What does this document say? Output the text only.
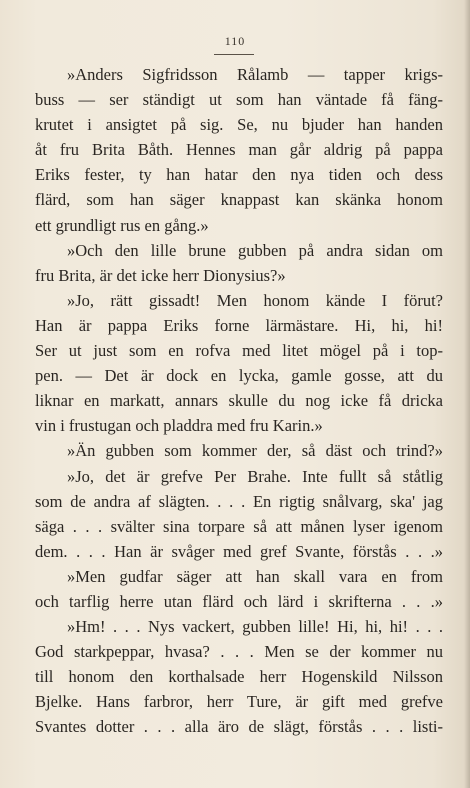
110
»Anders Sigfridsson Rålamb — tapper krigs-
buss — ser ständigt ut som han väntade få fäng-
krutet i ansigtet på sig. Se, nu bjuder han handen
åt fru Brita Båth. Hennes man går aldrig på pappa
Eriks fester, ty han hatar den nya tiden och dess
flärd, som han säger knappast kan skänka honom
ett grundligt rus en gång.»
»Och den lille brune gubben på andra sidan om
fru Brita, är det icke herr Dionysius?»
»Jo, rätt gissadt! Men honom kände I förut?
Han är pappa Eriks forne lärmästare. Hi, hi, hi!
Ser ut just som en rofva med litet mögel på i top-
pen. — Det är dock en lycka, gamle gosse, att du
liknar en markatt, annars skulle du nog icke få dricka
vin i frustugan och pladdra med fru Karin.»
»Än gubben som kommer der, så däst och trind?»
»Jo, det är grefve Per Brahe. Inte fullt så ståtlig
som de andra af slägten. . . . En rigtig snålvarg, ska' jag
säga . . . svälter sina torpare så att månen lyser igenom
dem. . . . Han är svåger med gref Svante, förstås . . .»
»Men gudfar säger att han skall vara en from
och tarflig herre utan flärd och lärd i skrifterna . . .»
»Hm! . . . Nys vackert, gubben lille! Hi, hi, hi! . . .
God starkpeppar, hvasa? . . . Men se der kommer nu
till honom den korthalsade herr Hogenskild Nilsson
Bjelke. Hans farbror, herr Ture, är gift med grefve
Svantes dotter . . . alla äro de slägt, förstås . . . listi-
